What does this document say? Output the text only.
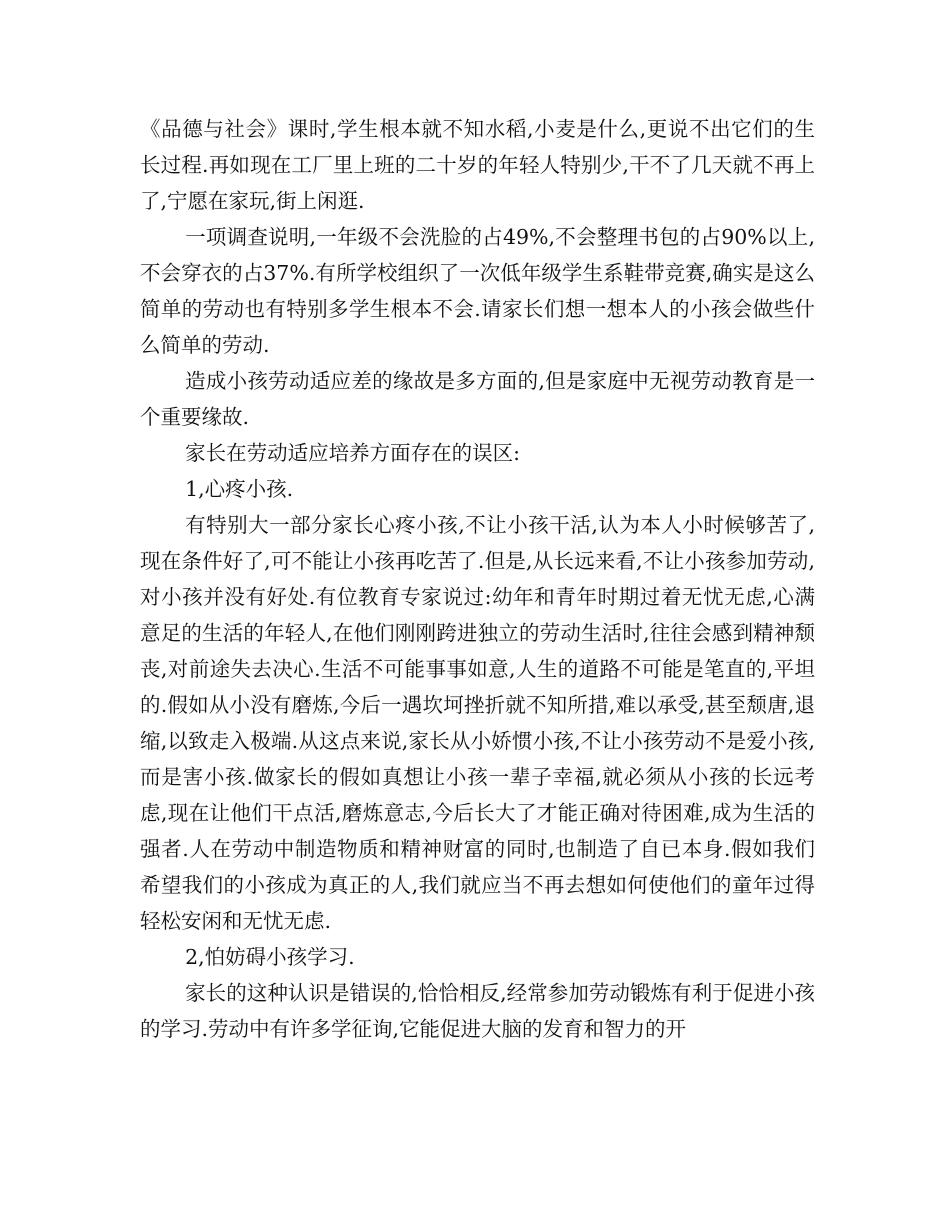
《品德与社会》课时,学生根本就不知水稻,小麦是什么,更说不出它们的生长过程.再如现在工厂里上班的二十岁的年轻人特别少,干不了几天就不再上了,宁愿在家玩,街上闲逛.

一项调查说明,一年级不会洗脸的占49%,不会整理书包的占90%以上,不会穿衣的占37%.有所学校组织了一次低年级学生系鞋带竞赛,确实是这么简单的劳动也有特别多学生根本不会.请家长们想一想本人的小孩会做些什么简单的劳动.

造成小孩劳动适应差的缘故是多方面的,但是家庭中无视劳动教育是一个重要缘故.

家长在劳动适应培养方面存在的误区:

1,心疼小孩.

有特别大一部分家长心疼小孩,不让小孩干活,认为本人小时候够苦了,现在条件好了,可不能让小孩再吃苦了.但是,从长远来看,不让小孩参加劳动,对小孩并没有好处.有位教育专家说过:幼年和青年时期过着无忧无虑,心满意足的生活的年轻人,在他们刚刚跨进独立的劳动生活时,往往会感到精神颓丧,对前途失去决心.生活不可能事事如意,人生的道路不可能是笔直的,平坦的.假如从小没有磨炼,今后一遇坎坷挫折就不知所措,难以承受,甚至颓唐,退缩,以致走入极端.从这点来说,家长从小娇惯小孩,不让小孩劳动不是爱小孩,而是害小孩.做家长的假如真想让小孩一辈子幸福,就必须从小孩的长远考虑,现在让他们干点活,磨炼意志,今后长大了才能正确对待困难,成为生活的强者.人在劳动中制造物质和精神财富的同时,也制造了自已本身.假如我们希望我们的小孩成为真正的人,我们就应当不再去想如何使他们的童年过得轻松安闲和无忧无虑.

2,怕妨碍小孩学习.

家长的这种认识是错误的,恰恰相反,经常参加劳动锻炼有利于促进小孩的学习.劳动中有许多学征询,它能促进大脑的发育和智力的开
